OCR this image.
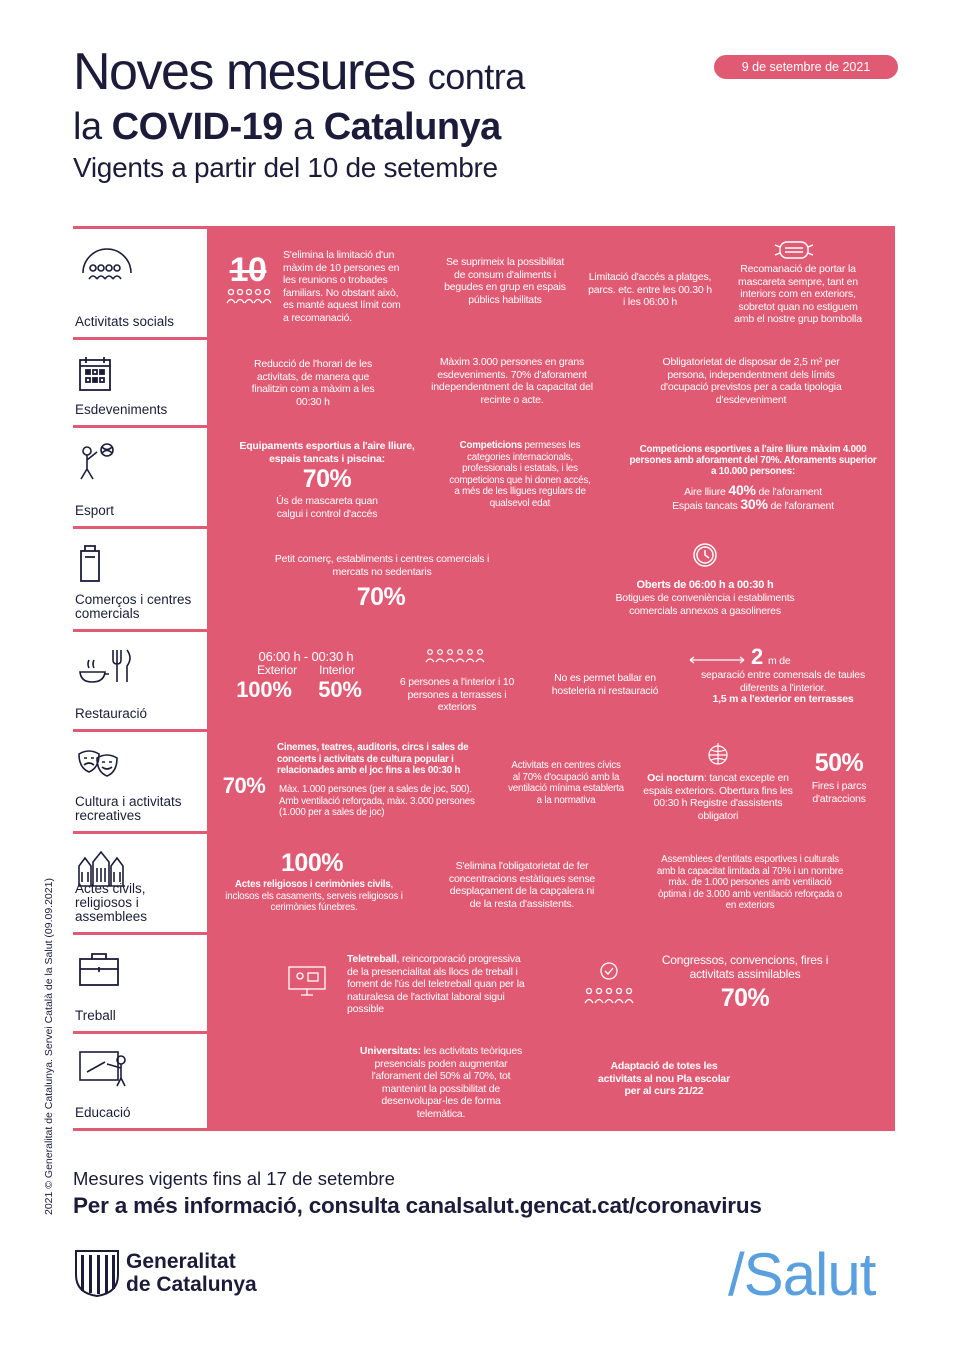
Noves mesures contra
la COVID-19 a Catalunya
Vigents a partir del 10 de setembre
9 de setembre de 2021
Activitats socials
10	S'elimina la limitació d'un màxim de 10 persones en les reunions o trobades familiars. No obstant això, es manté aquest límit com a recomanació.
Se suprimeix la possibilitat de consum d'aliments i begudes en grup en espais públics habilitats
Limitació d'accés a platges, parcs. etc. entre les 00.30 h i les 06:00 h
Recomanació de portar la mascareta sempre, tant en interiors com en exteriors, sobretot quan no estiguem amb el nostre grup bombolla
Esdeveniments
Reducció de l'horari de les activitats, de manera que finalitzin com a màxim a les 00:30 h
Màxim 3.000 persones en grans esdeveniments. 70% d'aforament independentment de la capacitat del recinte o acte.
Obligatorietat de disposar de 2,5 m² per persona, independentment dels límits d'ocupació previstos per a cada tipologia d'esdeveniment
Esport
Equipaments esportius a l'aire lliure, espais tancats i piscina:
70%
Ús de mascareta quan calgui i control d'accés
Competicions permeses les categories internacionals, professionals i estatals, i les competicions que hi donen accés, a més de les lligues regulars de qualsevol edat
Competicions esportives a l'aire lliure màxim 4.000 persones amb aforament del 70%. Aforaments superior a 10.000 persones:
Aire lliure 40% de l'aforament
Espais tancats 30% de l'aforament
Comerços i centres comercials
Petit comerç, establiments i centres comercials i mercats no sedentaris
70%	Oberts de 06:00 h a 00:30 h
Botigues de conveniència i establiments comercials annexos a gasolineres
Restauració
06:00 h - 00:30 h
Exterior	Interior
100%	50%	6 persones a l'interior i 10 persones a terrasses i exteriors
No es permet ballar en hosteleria ni restauració
2 m de
separació entre comensals de taules diferents a l'interior.
1,5 m a l'exterior en terrasses
Cultura i activitats recreatives
70%
Cinemes, teatres, auditoris, circs i sales de concerts i activitats de cultura popular i relacionades amb el joc fins a les 00:30 h
Màx. 1.000 persones (per a sales de joc, 500). Amb ventilació reforçada, màx. 3.000 persones (1.000 per a sales de joc)
Activitats en centres cívics al 70% d'ocupació amb la ventilació mínima establerta a la normativa
Oci nocturn: tancat excepte en espais exteriors. Obertura fins les 00:30 h Registre d'assistents obligatori
50%
Fires i parcs d'atraccions
Actes civils, religiosos i assemblees
100%
Actes religiosos i cerimònies civils, inclosos els casaments, serveis religiosos i cerimònies fúnebres.
S'elimina l'obligatorietat de fer concentracions estàtiques sense desplaçament de la capçalera ni de la resta d'assistents.
Assemblees d'entitats esportives i culturals amb la capacitat limitada al 70% i un nombre màx. de 1.000 persones amb ventilació òptima i de 3.000 amb ventilació reforçada o en exteriors
Treball
Teletreball, reincorporació progressiva de la presencialitat als llocs de treball i foment de l'ús del teletreball quan per la naturalesa de l'activitat laboral sigui possible
Congressos, convencions, fires i activitats assimilables
70%
Educació
Universitats: les activitats teòriques presencials poden augmentar l'aforament del 50% al 70%, tot mantenint la possibilitat de desenvolupar-les de forma telemàtica.
Adaptació de totes les activitats al nou Pla escolar per al curs 21/22
2021 © Generalitat de Catalunya. Servei Català de la Salut (09.09.2021) Mesures vigents fins al 17 de setembre
Per a més informació, consulta canalsalut.gencat.cat/coronavirus
Generalitat
de Catalunya	/Salut
